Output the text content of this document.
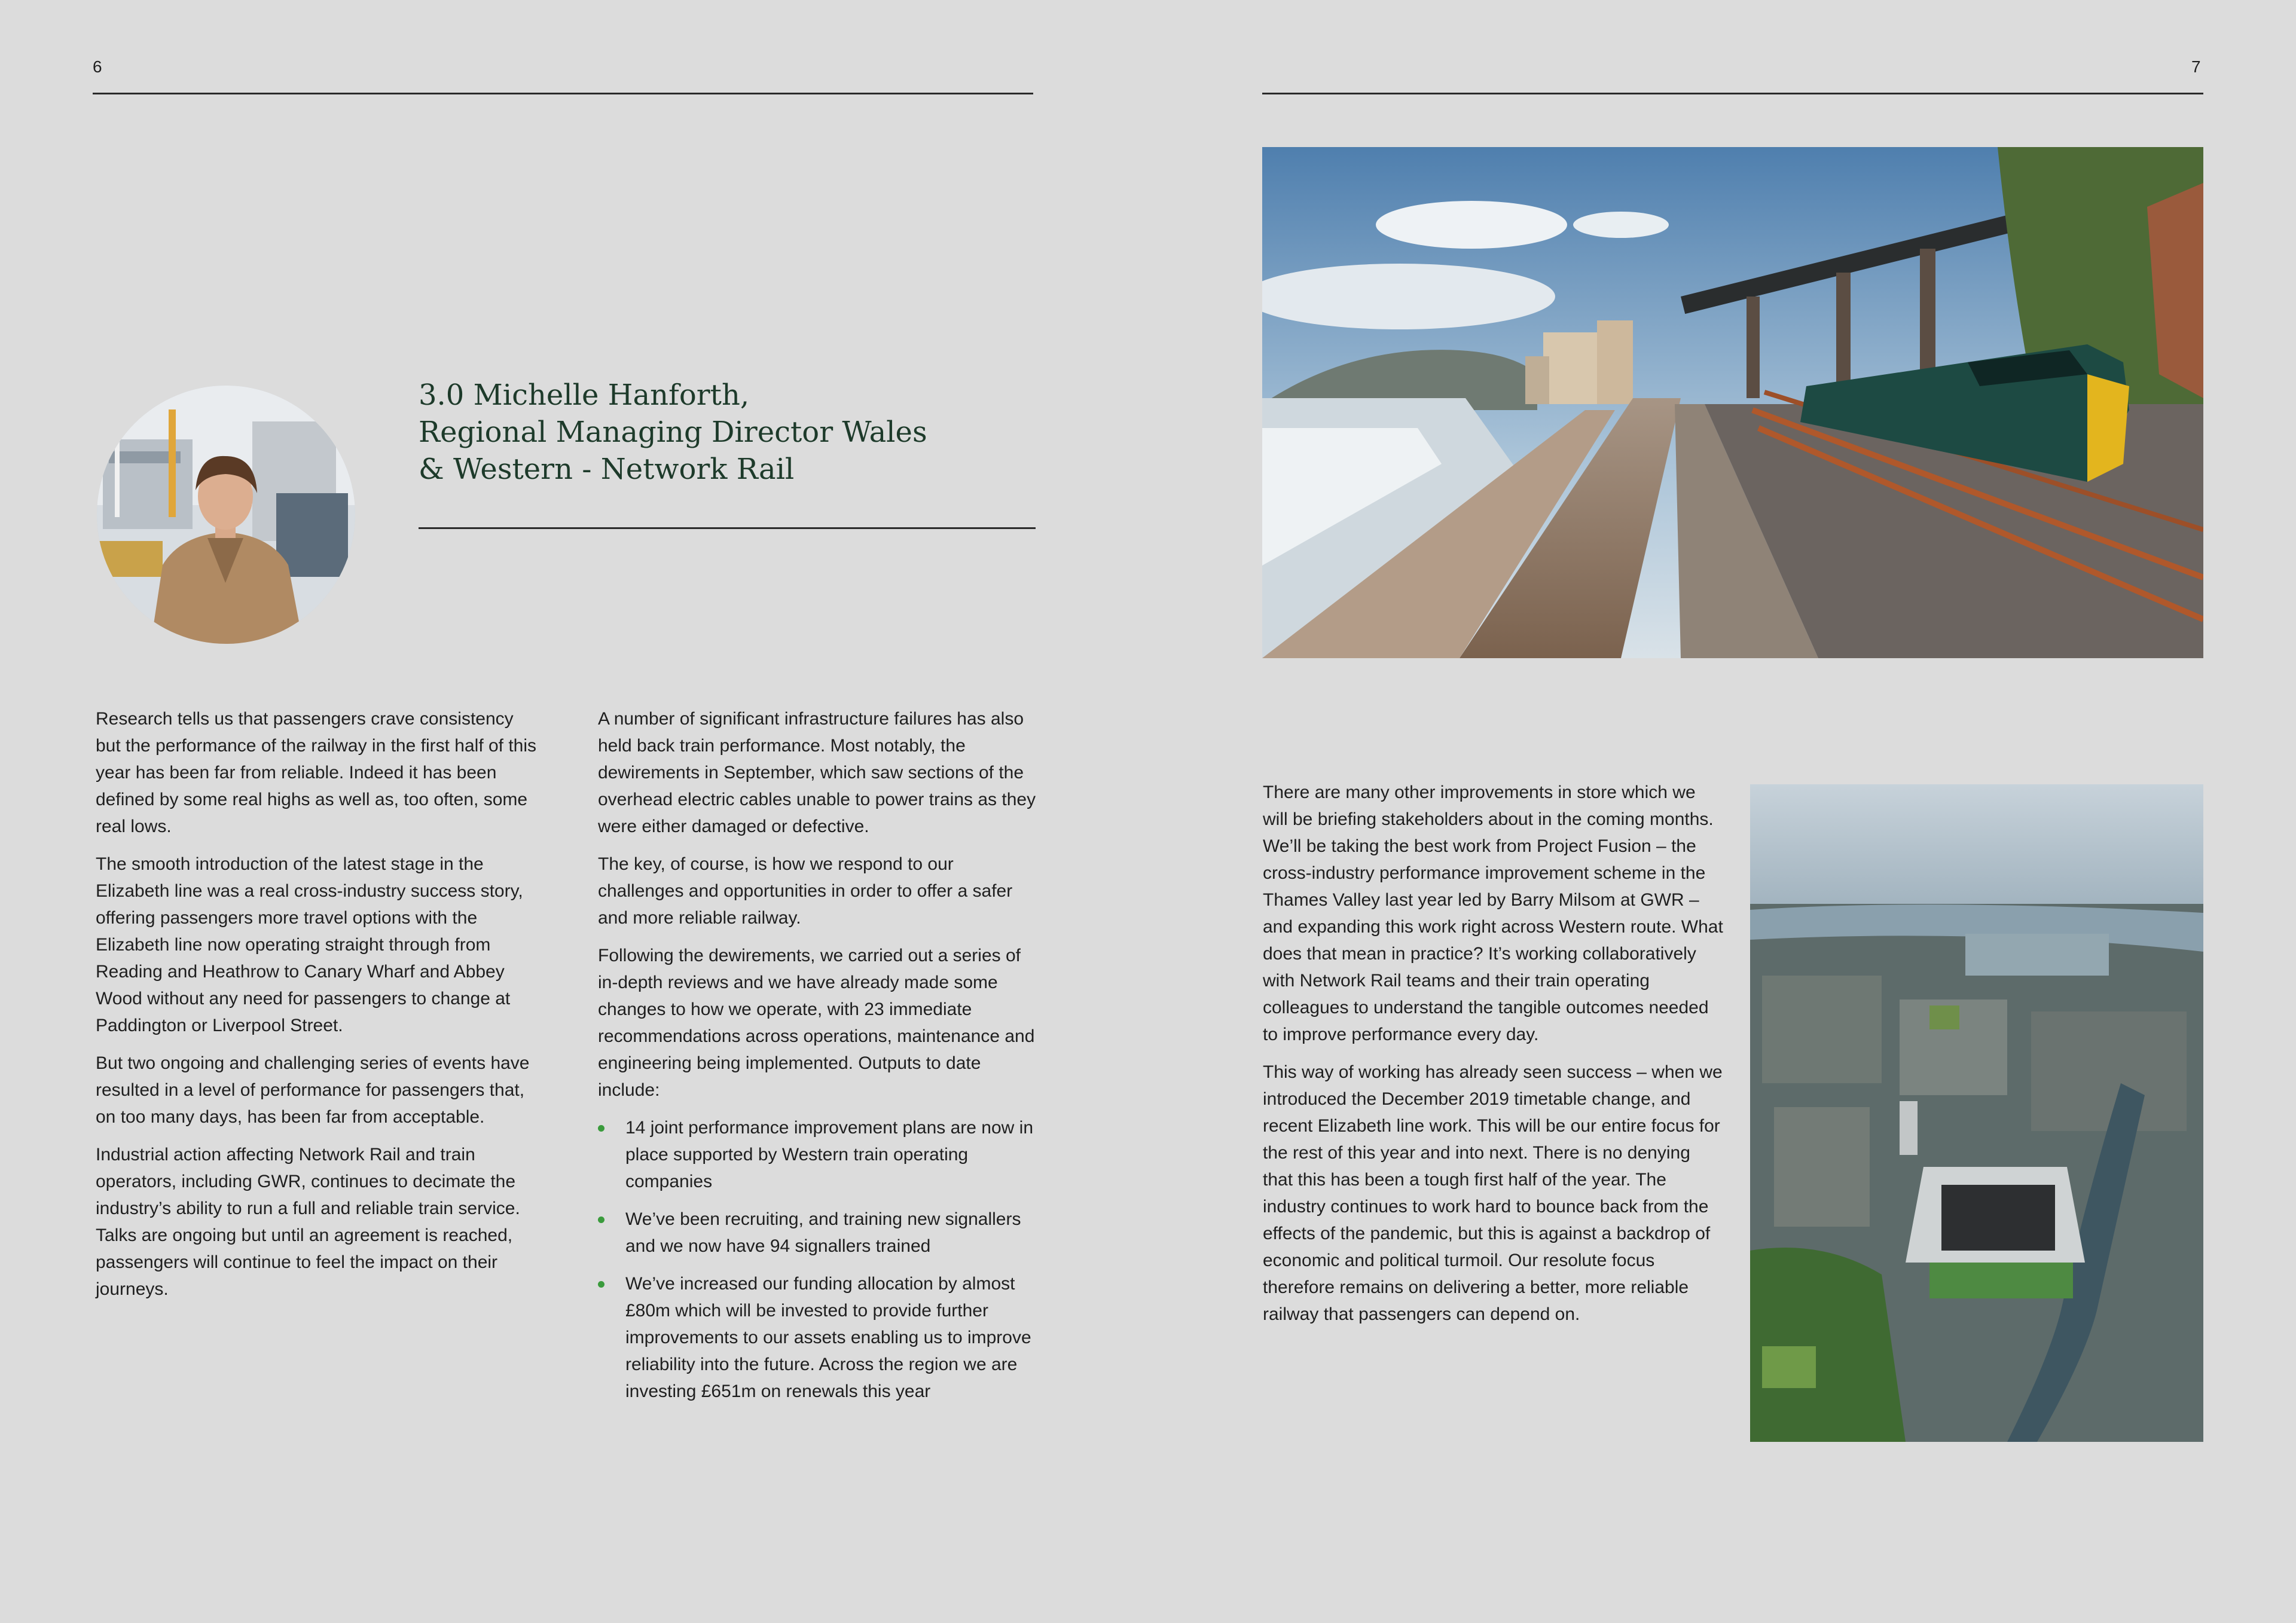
6
3.0 Michelle Hanforth,
Regional Managing Director Wales
& Western - Network Rail

Research tells us that passengers crave consistency but the performance of the railway in the first half of this year has been far from reliable. Indeed it has been defined by some real highs as well as, too often, some real lows.

The smooth introduction of the latest stage in the Elizabeth line was a real cross-industry success story, offering passengers more travel options with the Elizabeth line now operating straight through from Reading and Heathrow to Canary Wharf and Abbey Wood without any need for passengers to change at Paddington or Liverpool Street.

But two ongoing and challenging series of events have resulted in a level of performance for passengers that, on too many days, has been far from acceptable.

Industrial action affecting Network Rail and train operators, including GWR, continues to decimate the industry’s ability to run a full and reliable train service. Talks are ongoing but until an agreement is reached, passengers will continue to feel the impact on their journeys.

A number of significant infrastructure failures has also held back train performance. Most notably, the dewirements in September, which saw sections of the overhead electric cables unable to power trains as they were either damaged or defective.

The key, of course, is how we respond to our challenges and opportunities in order to offer a safer and more reliable railway.

Following the dewirements, we carried out a series of in-depth reviews and we have already made some changes to how we operate, with 23 immediate recommendations across operations, maintenance and engineering being implemented. Outputs to date include:

14 joint performance improvement plans are now in place supported by Western train operating companies
We’ve been recruiting, and training new signallers and we now have 94 signallers trained
We’ve increased our funding allocation by almost £80m which will be invested to provide further improvements to our assets enabling us to improve reliability into the future. Across the region we are investing £651m on renewals this year
7

There are many other improvements in store which we will be briefing stakeholders about in the coming months. We’ll be taking the best work from Project Fusion – the cross-industry performance improvement scheme in the Thames Valley last year led by Barry Milsom at GWR – and expanding this work right across Western route. What does that mean in practice? It’s working collaboratively with Network Rail teams and their train operating colleagues to understand the tangible outcomes needed to improve performance every day.

This way of working has already seen success – when we introduced the December 2019 timetable change, and recent Elizabeth line work. This will be our entire focus for the rest of this year and into next. There is no denying that this has been a tough first half of the year. The industry continues to work hard to bounce back from the effects of the pandemic, but this is against a backdrop of economic and political turmoil. Our resolute focus therefore remains on delivering a better, more reliable railway that passengers can depend on.
